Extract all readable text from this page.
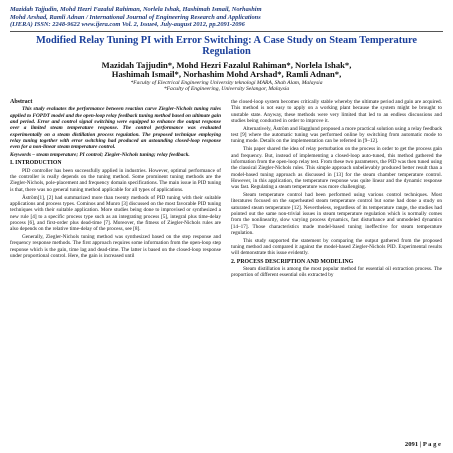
Mazidah Tajjudin, Mohd Hezri Fazalul Rahiman, Norlela Ishak, Hashimah Ismail, Norhashim
Mohd Arshad, Ramli Adnan / International Journal of Engineering Research and Applications
(IJERA) ISSN: 2248-9622 www.ijera.com Vol. 2, Issue4, July-august 2012, pp.2091-2096
Modified Relay Tuning PI with Error Switching: A Case Study on Steam Temperature Regulation
Mazidah Tajjudin*, Mohd Hezri Fazalul Rahiman*, Norlela Ishak*,
Hashimah Ismail*, Norhashim Mohd Arshad*, Ramli Adnan*,
*Faculty of Electrical Engineering University teknologi MARA, Shah Alam, Malaysia
*Faculty of Engineering, University Selangor, Malaysia
Abstract

This study evaluates the performance between reaction curve Ziegler-Nichols tuning rules applied to FOPDT model and the open-loop relay feedback tuning method based on ultimate gain and period. Error and control signal switching were equipped to enhance the output response over a limited steam temperature response. The control performance was evaluated experimentally on a steam distillation process regulation. The proposed technique employing relay tuning together with error switching had produced an astounding closed-loop response even for a non-linear steam temperature control.

Keywords – steam temperature; PI control; Ziegler-Nichols tuning; relay feedback.

I. INTRODUCTION

PID controller has been successfully applied in industries. However, optimal performance of the controller is really depends on the tuning method. Some prominent tuning methods are the Ziegler-Nichols, pole-placement and frequency domain specifications. The main issue in PID tuning is that, there was no general tuning method applicable for all types of applications.

Åström[1], [2] had summarized more than twenty methods of PID tuning with their suitable applications and process types. Cominos and Munro [3] discussed on the most favorable PID tuning techniques with their suitable application. More studies being done to improvised or synthesized a new rule [4] to a specific process type such as an integrating process [5], integral plus time-delay process [6], and first-order plus dead-time [7]. Moreover, the fitness of Ziegler-Nichols rules are also depends on the relative time-delay of the process, see [8].

Generally, Ziegler-Nichols tuning method was synthesized based on the step response and frequency response methods. The first approach requires some information from the open-loop step response which is the gain, time lag and dead-time. The latter is based on the closed-loop response under proportional control. Here, the gain is increased until

the closed-loop system becomes critically stable whereby the ultimate period and gain are acquired. This method is not easy to apply on a working plant because the system might be brought to unstable state. Anyway, these methods were very limited that led to an endless discussions and studies being conducted in order to improve it.

Alternatively, Åström and Hagglund proposed a more practical solution using a relay feedback test [9] where the automatic tuning was performed online by switching from automatic mode to tuning mode. Details on the implementation can be referred in [9–12].

This paper shared the idea of relay perturbation on the process in order to get the process gain and frequency. But, instead of implementing a closed-loop auto-tuned, this method gathered the information from the open-loop relay test. From these two parameters, the PID was then tuned using the classical Ziegler-Nichols rules. This simple approach unbelievably produced better result than a model-based tuning approach as discussed in [13] for the steam chamber temperature control. However, in this application, the temperature response was quite linear and the dynamic response was fast. Regulating a steam temperature was more challenging.

Steam temperature control had been performed using various control techniques. Most literatures focused on the superheated steam temperature control but some had done a study on saturated steam temperature [12]. Nevertheless, regardless of its temperature range, the studies had pointed out the same non-trivial issues in steam temperature regulation which is normally comes from the nonlinearity, slow varying process dynamics, fast disturbance and unmodeled dynamics [14–17]. Those characteristics made model-based tuning ineffective for steam temperature regulation.

This study supported the statement by comparing the output gathered from the proposed tuning method and compared it against the model-based Ziegler-Nichols PID. Experimental results will demonstrate this issue evidently.

2. PROCESS DESCRIPTION AND MODELING

Steam distillation is among the most popular method for essential oil extraction process. The proportion of different essential oils extracted by

2091 | P a g e
